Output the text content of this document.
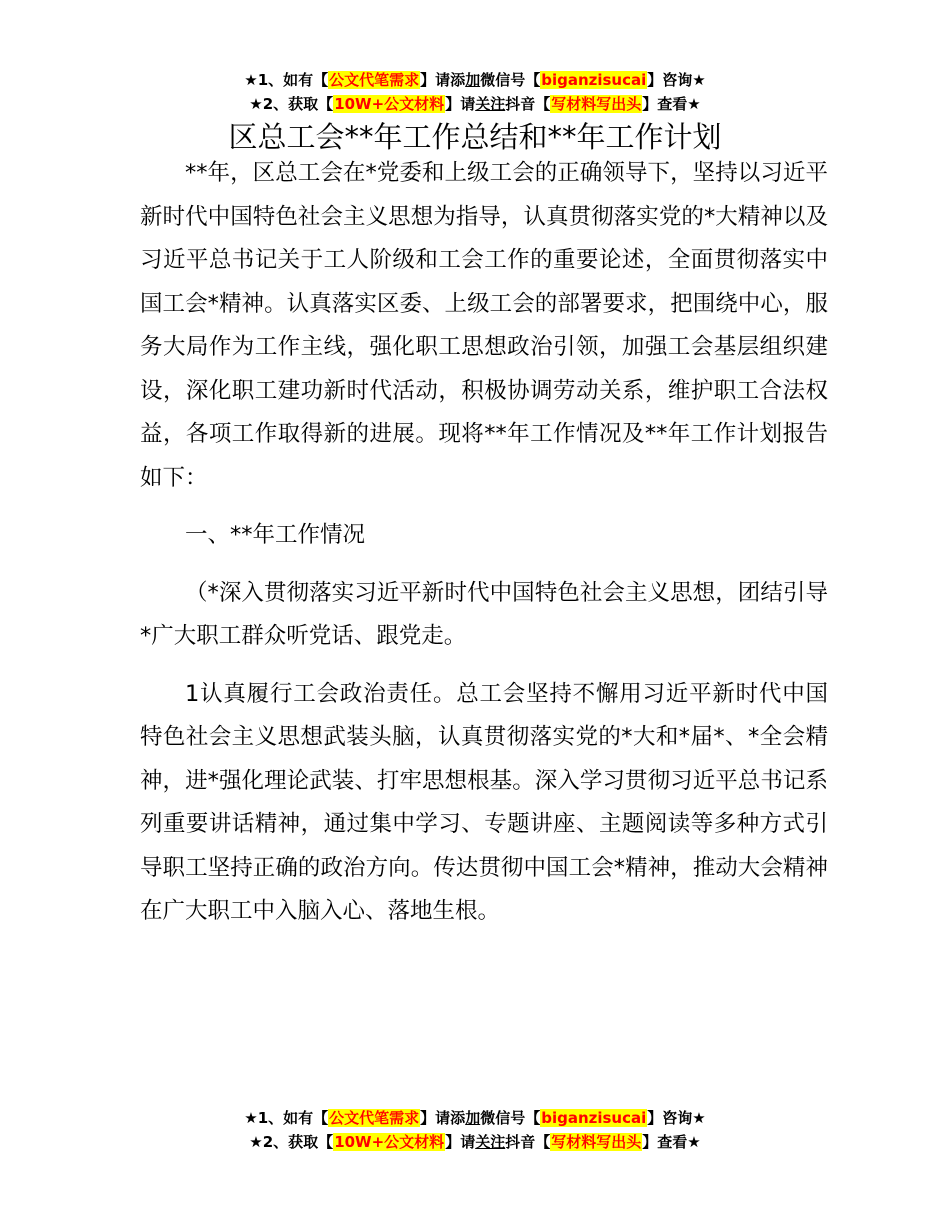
★1、如有【公文代笔需求】请添加微信号【biganzisucai】咨询★
★2、获取【10W+公文材料】请关注抖音【写材料写出头】查看★
区总工会**年工作总结和**年工作计划

**年，区总工会在*党委和上级工会的正确领导下，坚持以习近平新时代中国特色社会主义思想为指导，认真贯彻落实党的*大精神以及习近平总书记关于工人阶级和工会工作的重要论述，全面贯彻落实中国工会*精神。认真落实区委、上级工会的部署要求，把围绕中心，服务大局作为工作主线，强化职工思想政治引领，加强工会基层组织建设，深化职工建功新时代活动，积极协调劳动关系，维护职工合法权益，各项工作取得新的进展。现将**年工作情况及**年工作计划报告如下：

一、**年工作情况

（*深入贯彻落实习近平新时代中国特色社会主义思想，团结引导*广大职工群众听党话、跟党走。

1认真履行工会政治责任。总工会坚持不懈用习近平新时代中国特色社会主义思想武装头脑，认真贯彻落实党的*大和*届*、*全会精神，进*强化理论武装、打牢思想根基。深入学习贯彻习近平总书记系列重要讲话精神，通过集中学习、专题讲座、主题阅读等多种方式引导职工坚持正确的政治方向。传达贯彻中国工会*精神，推动大会精神在广大职工中入脑入心、落地生根。

★1、如有【公文代笔需求】请添加微信号【biganzisucai】咨询★
★2、获取【10W+公文材料】请关注抖音【写材料写出头】查看★
